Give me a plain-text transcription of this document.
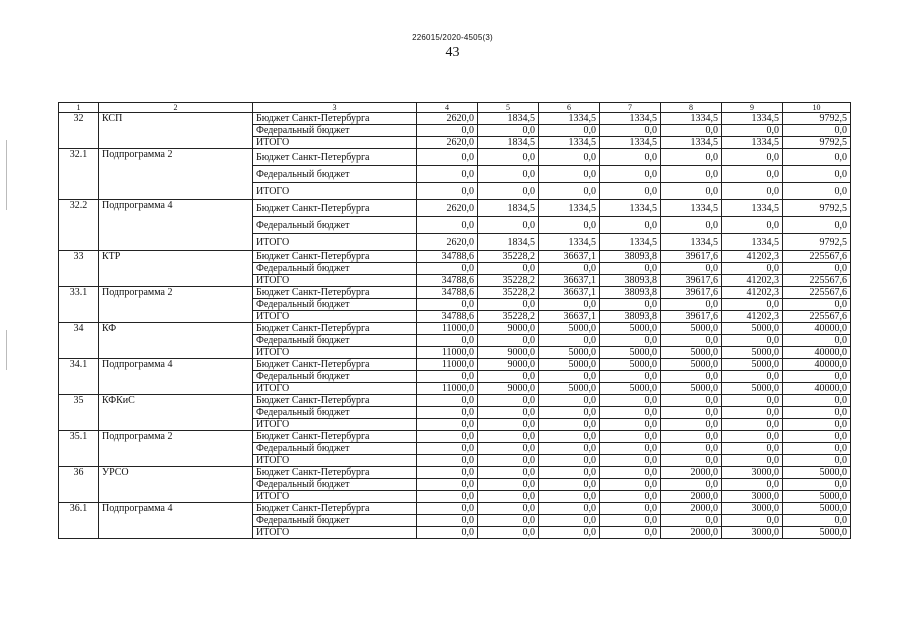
226015/2020-4505(3)
43
1	2	3	4	5	6	7	8	9	10
32	КСП	Бюджет Санкт-Петербурга	2620,0	1834,5	1334,5	1334,5	1334,5	1334,5	9792,5
		Федеральный бюджет	0,0	0,0	0,0	0,0	0,0	0,0	0,0
		ИТОГО	2620,0	1834,5	1334,5	1334,5	1334,5	1334,5	9792,5
32.1	Подпрограмма 2	Бюджет Санкт-Петербурга	0,0	0,0	0,0	0,0	0,0	0,0	0,0
		Федеральный бюджет	0,0	0,0	0,0	0,0	0,0	0,0	0,0
		ИТОГО	0,0	0,0	0,0	0,0	0,0	0,0	0,0
32.2	Подпрограмма 4	Бюджет Санкт-Петербурга	2620,0	1834,5	1334,5	1334,5	1334,5	1334,5	9792,5
		Федеральный бюджет	0,0	0,0	0,0	0,0	0,0	0,0	0,0
		ИТОГО	2620,0	1834,5	1334,5	1334,5	1334,5	1334,5	9792,5
33	КТР	Бюджет Санкт-Петербурга	34788,6	35228,2	36637,1	38093,8	39617,6	41202,3	225567,6
		Федеральный бюджет	0,0	0,0	0,0	0,0	0,0	0,0	0,0
		ИТОГО	34788,6	35228,2	36637,1	38093,8	39617,6	41202,3	225567,6
33.1	Подпрограмма 2	Бюджет Санкт-Петербурга	34788,6	35228,2	36637,1	38093,8	39617,6	41202,3	225567,6
		Федеральный бюджет	0,0	0,0	0,0	0,0	0,0	0,0	0,0
		ИТОГО	34788,6	35228,2	36637,1	38093,8	39617,6	41202,3	225567,6
34	КФ	Бюджет Санкт-Петербурга	11000,0	9000,0	5000,0	5000,0	5000,0	5000,0	40000,0
		Федеральный бюджет	0,0	0,0	0,0	0,0	0,0	0,0	0,0
		ИТОГО	11000,0	9000,0	5000,0	5000,0	5000,0	5000,0	40000,0
34.1	Подпрограмма 4	Бюджет Санкт-Петербурга	11000,0	9000,0	5000,0	5000,0	5000,0	5000,0	40000,0
		Федеральный бюджет	0,0	0,0	0,0	0,0	0,0	0,0	0,0
		ИТОГО	11000,0	9000,0	5000,0	5000,0	5000,0	5000,0	40000,0
35	КФКиС	Бюджет Санкт-Петербурга	0,0	0,0	0,0	0,0	0,0	0,0	0,0
		Федеральный бюджет	0,0	0,0	0,0	0,0	0,0	0,0	0,0
		ИТОГО	0,0	0,0	0,0	0,0	0,0	0,0	0,0
35.1	Подпрограмма 2	Бюджет Санкт-Петербурга	0,0	0,0	0,0	0,0	0,0	0,0	0,0
		Федеральный бюджет	0,0	0,0	0,0	0,0	0,0	0,0	0,0
		ИТОГО	0,0	0,0	0,0	0,0	0,0	0,0	0,0
36	УРСО	Бюджет Санкт-Петербурга	0,0	0,0	0,0	0,0	2000,0	3000,0	5000,0
		Федеральный бюджет	0,0	0,0	0,0	0,0	0,0	0,0	0,0
		ИТОГО	0,0	0,0	0,0	0,0	2000,0	3000,0	5000,0
36.1	Подпрограмма 4	Бюджет Санкт-Петербурга	0,0	0,0	0,0	0,0	2000,0	3000,0	5000,0
		Федеральный бюджет	0,0	0,0	0,0	0,0	0,0	0,0	0,0
		ИТОГО	0,0	0,0	0,0	0,0	2000,0	3000,0	5000,0
